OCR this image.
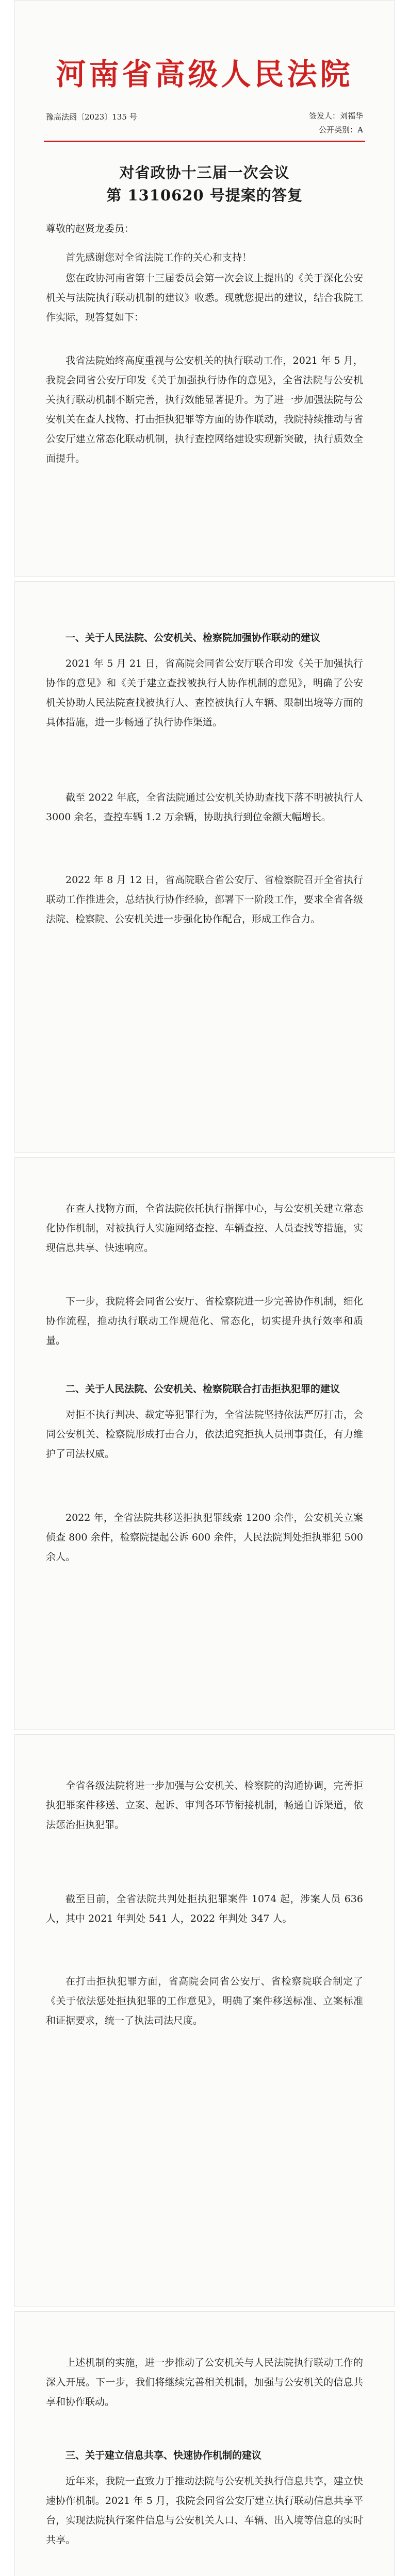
河南省高级人民法院
豫高法函〔2023〕135 号	签发人：刘福华
公开类别：A
对省政协十三届一次会议
第 1310620 号提案的答复
尊敬的赵贤龙委员：
首先感谢您对全省法院工作的关心和支持！
您在政协河南省第十三届委员会第一次会议上提出的《关于深化公安机关与法院执行联动机制的建议》收悉。现就您提出的建议，结合我院工作实际，现答复如下：
我省法院始终高度重视与公安机关的执行联动工作，2021 年 5 月，我院会同省公安厅印发《关于加强执行协作的意见》，全省法院与公安机关执行联动机制不断完善，执行效能显著提升。为了进一步加强法院与公安机关在查人找物、打击拒执犯罪等方面的协作联动，我院持续推动与省公安厅建立常态化联动机制，执行查控网络建设实现新突破，执行质效全面提升。
一、关于人民法院、公安机关、检察院加强协作联动的建议
2021 年 5 月 21 日，省高院会同省公安厅联合印发《关于加强执行协作的意见》和《关于建立查找被执行人协作机制的意见》，明确了公安机关协助人民法院查找被执行人、查控被执行人车辆、限制出境等方面的具体措施，进一步畅通了执行协作渠道。
截至 2022 年底，全省法院通过公安机关协助查找下落不明被执行人 3000 余名，查控车辆 1.2 万余辆，协助执行到位金额大幅增长。
2022 年 8 月 12 日，省高院联合省公安厅、省检察院召开全省执行联动工作推进会，总结执行协作经验，部署下一阶段工作，要求全省各级法院、检察院、公安机关进一步强化协作配合，形成工作合力。
在查人找物方面，全省法院依托执行指挥中心，与公安机关建立常态化协作机制，对被执行人实施网络查控、车辆查控、人员查找等措施，实现信息共享、快速响应。
下一步，我院将会同省公安厅、省检察院进一步完善协作机制，细化协作流程，推动执行联动工作规范化、常态化，切实提升执行效率和质量。
二、关于人民法院、公安机关、检察院联合打击拒执犯罪的建议
对拒不执行判决、裁定等犯罪行为，全省法院坚持依法严厉打击，会同公安机关、检察院形成打击合力，依法追究拒执人员刑事责任，有力维护了司法权威。
2022 年，全省法院共移送拒执犯罪线索 1200 余件，公安机关立案侦查 800 余件，检察院提起公诉 600 余件，人民法院判处拒执罪犯 500 余人。
全省各级法院将进一步加强与公安机关、检察院的沟通协调，完善拒执犯罪案件移送、立案、起诉、审判各环节衔接机制，畅通自诉渠道，依法惩治拒执犯罪。
截至目前，全省法院共判处拒执犯罪案件 1074 起，涉案人员 636 人，其中 2021 年判处 541 人，2022 年判处 347 人。
在打击拒执犯罪方面，省高院会同省公安厅、省检察院联合制定了《关于依法惩处拒执犯罪的工作意见》，明确了案件移送标准、立案标准和证据要求，统一了执法司法尺度。
上述机制的实施，进一步推动了公安机关与人民法院执行联动工作的深入开展。下一步，我们将继续完善相关机制，加强与公安机关的信息共享和协作联动。
三、关于建立信息共享、快速协作机制的建议
近年来，我院一直致力于推动法院与公安机关执行信息共享，建立快速协作机制。2021 年 5 月，我院会同省公安厅建立执行联动信息共享平台，实现法院执行案件信息与公安机关人口、车辆、出入境等信息的实时共享。
